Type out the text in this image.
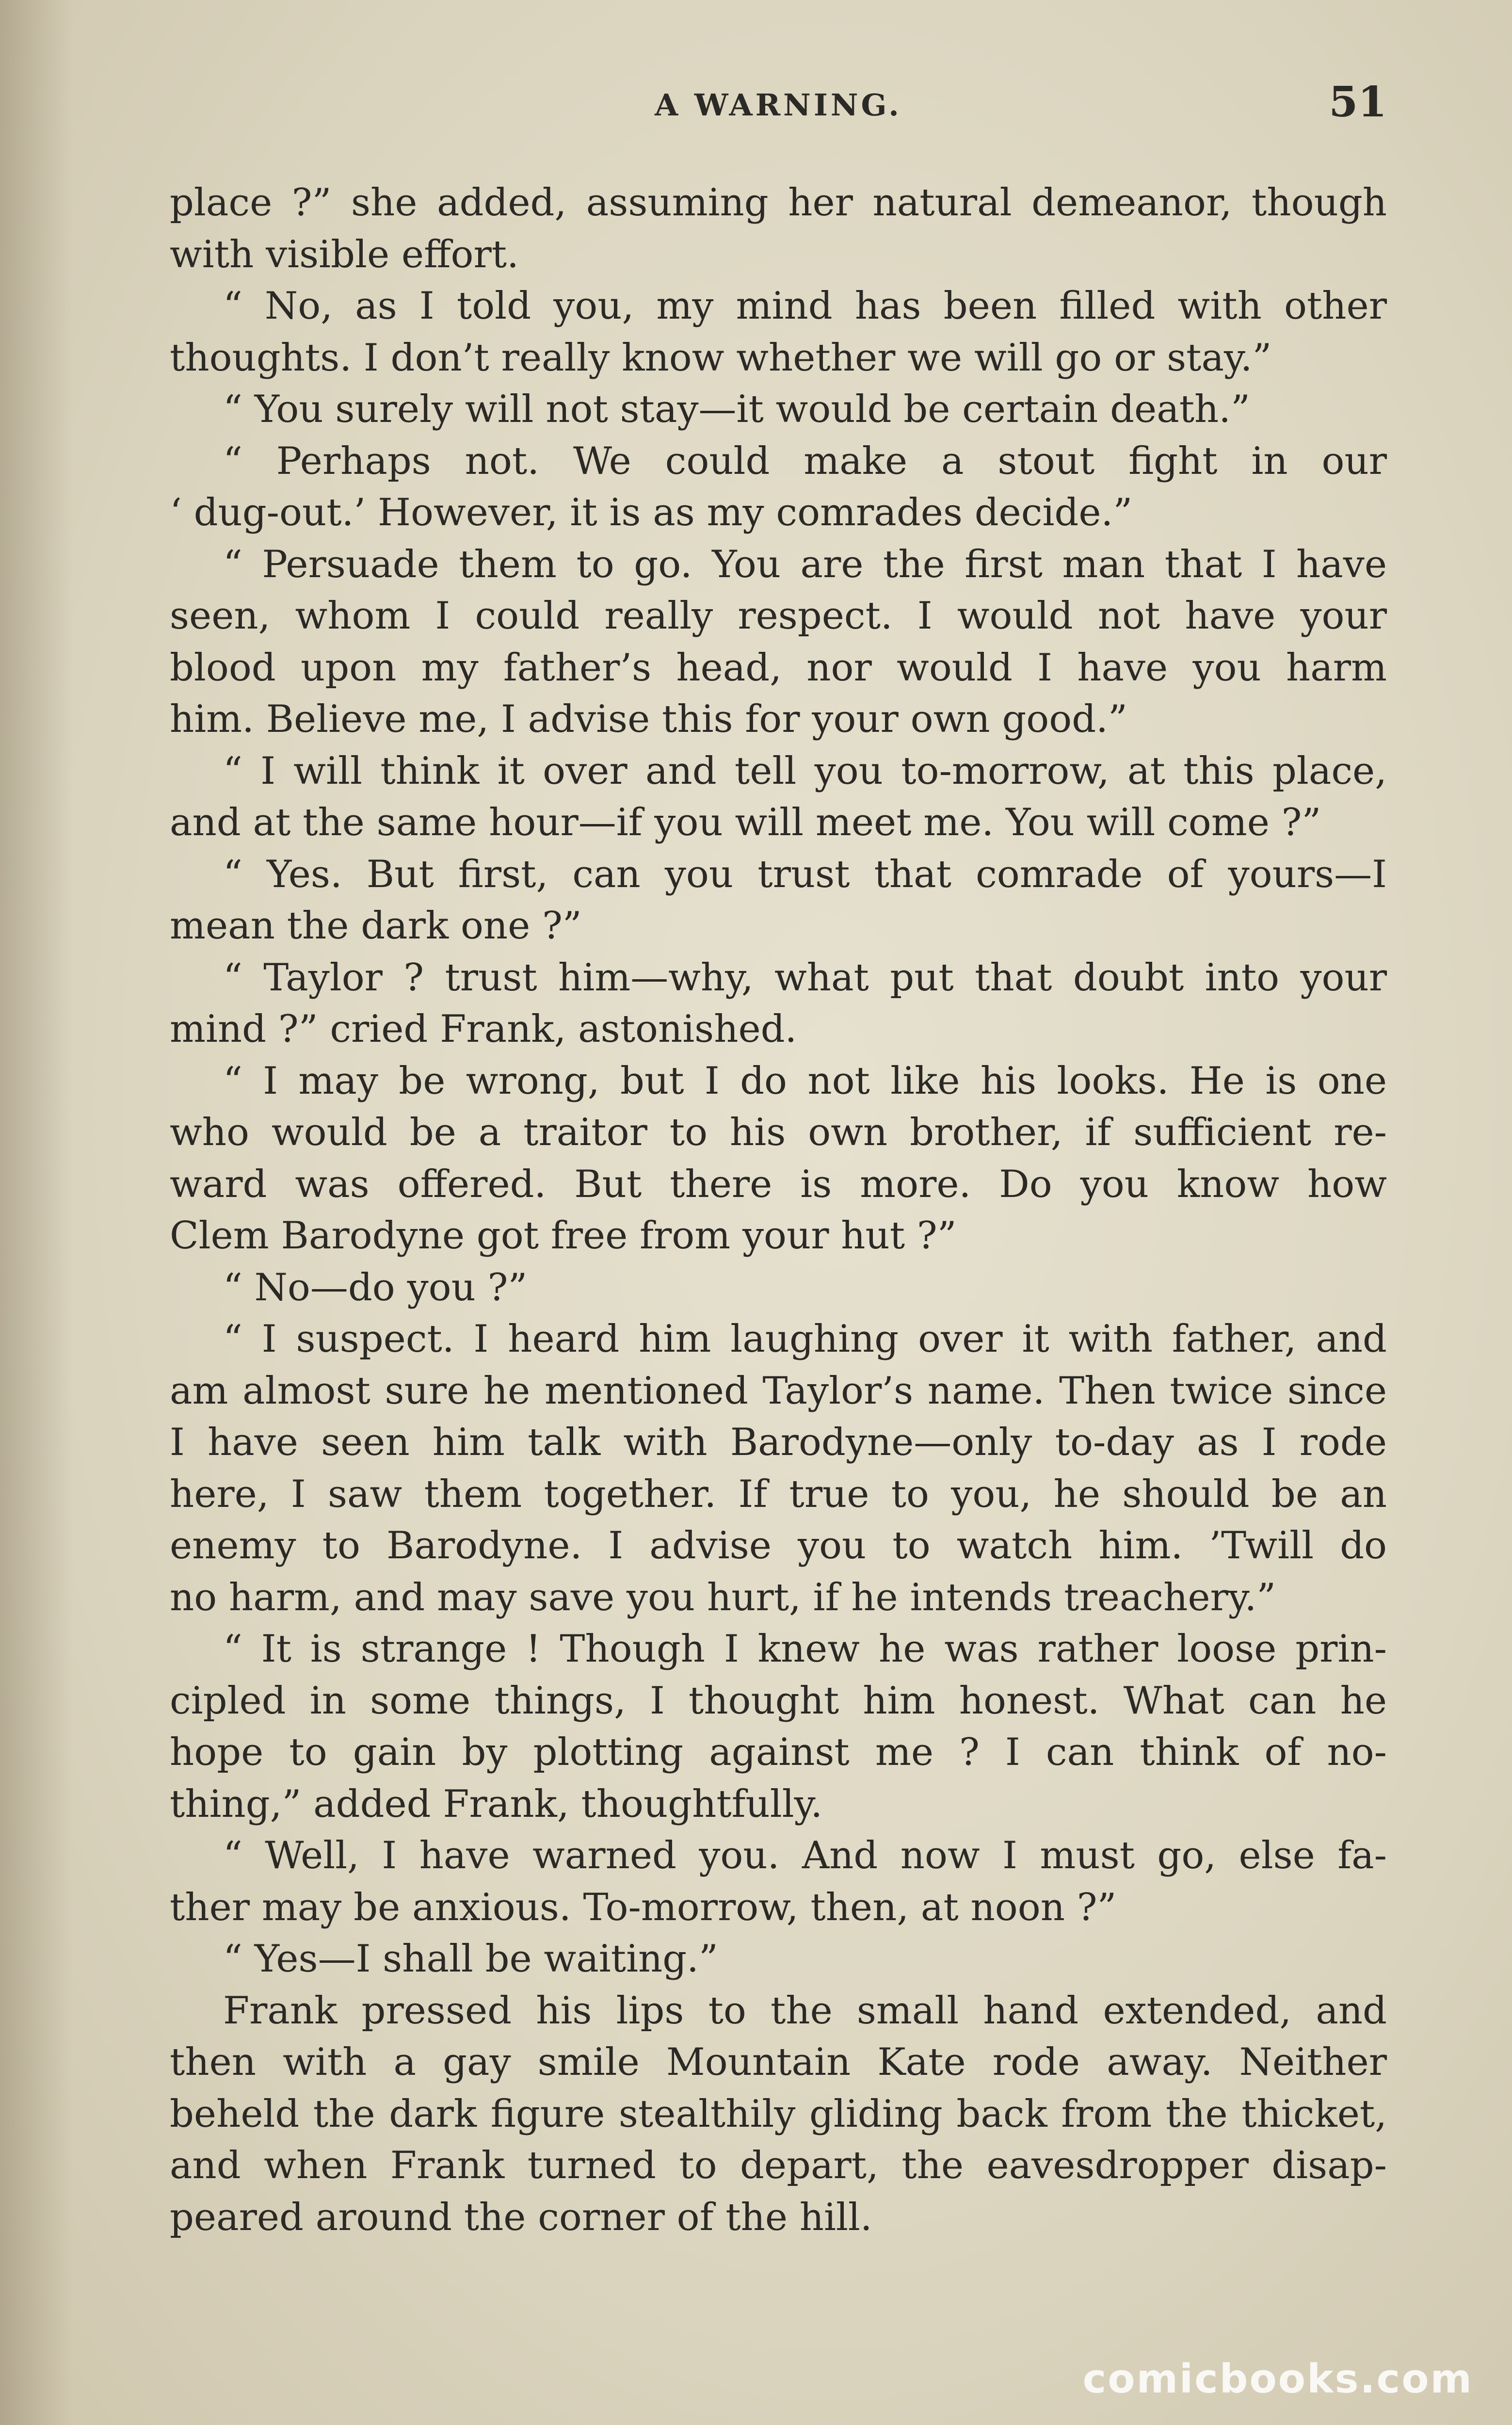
A WARNING.	51
place ?” she added, assuming her natural demeanor, though
with visible effort.
“ No, as I told you, my mind has been filled with other
thoughts. I don’t really know whether we will go or stay.”
“ You surely will not stay—it would be certain death.”
“ Perhaps not. We could make a stout fight in our
‘ dug-out.’ However, it is as my comrades decide.”
“ Persuade them to go. You are the first man that I have
seen, whom I could really respect. I would not have your
blood upon my father’s head, nor would I have you harm
him. Believe me, I advise this for your own good.”
“ I will think it over and tell you to-morrow, at this place,
and at the same hour—if you will meet me. You will come ?”
“ Yes. But first, can you trust that comrade of yours—I
mean the dark one ?”
“ Taylor ? trust him—why, what put that doubt into your
mind ?” cried Frank, astonished.
“ I may be wrong, but I do not like his looks. He is one
who would be a traitor to his own brother, if sufficient re-
ward was offered. But there is more. Do you know how
Clem Barodyne got free from your hut ?”
“ No—do you ?”
“ I suspect. I heard him laughing over it with father, and
am almost sure he mentioned Taylor’s name. Then twice since
I have seen him talk with Barodyne—only to-day as I rode
here, I saw them together. If true to you, he should be an
enemy to Barodyne. I advise you to watch him. ’Twill do
no harm, and may save you hurt, if he intends treachery.”
“ It is strange ! Though I knew he was rather loose prin-
cipled in some things, I thought him honest. What can he
hope to gain by plotting against me ? I can think of no-
thing,” added Frank, thoughtfully.
“ Well, I have warned you. And now I must go, else fa-
ther may be anxious. To-morrow, then, at noon ?”
“ Yes—I shall be waiting.”
Frank pressed his lips to the small hand extended, and
then with a gay smile Mountain Kate rode away. Neither
beheld the dark figure stealthily gliding back from the thicket,
and when Frank turned to depart, the eavesdropper disap-
peared around the corner of the hill.
comicbooks.com
